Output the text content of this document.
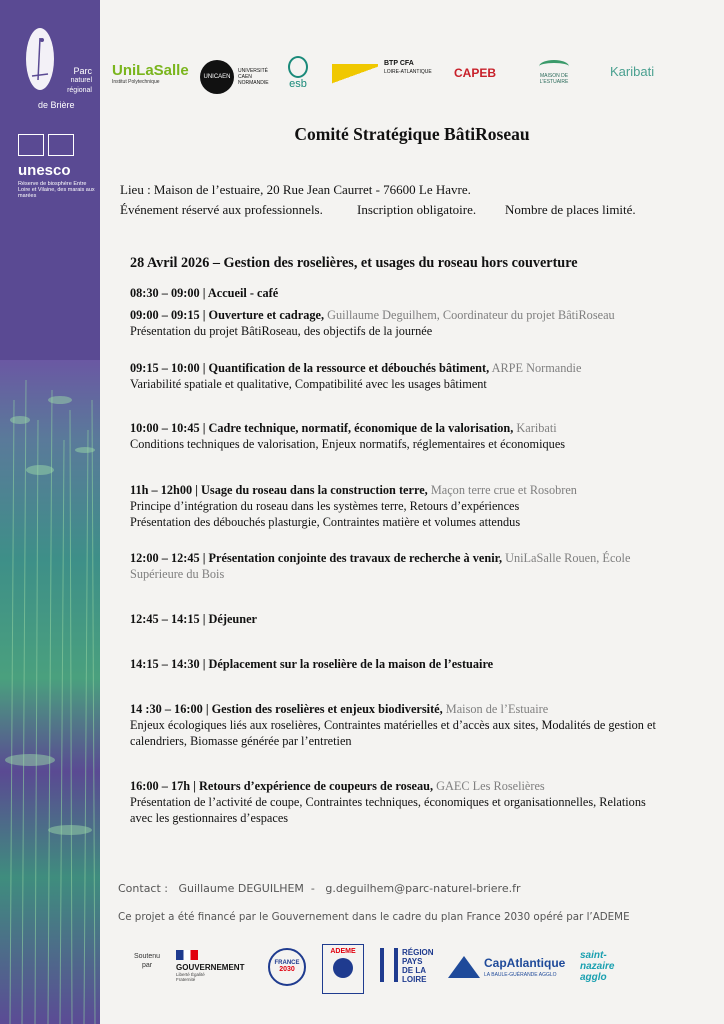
Parc
naturel
régional
de Brière
unesco
Réserve de biosphère Entre Loire et Vilaine, des marais aux marées
UniLaSalle
Institut Polytechnique
UNICAEN
UNIVERSITÉ CAEN NORMANDIE	esb
BTP CFA
LOIRE-ATLANTIQUE CAPEB	MAISON DE L'ESTUAIRE
Karibati
Comité Stratégique BâtiRoseau
Lieu : Maison de l’estuaire, 20 Rue Jean Caurret - 76600 Le Havre.
Événement réservé aux professionnels.	Inscription obligatoire. Nombre de places limité.
28 Avril 2026 – Gestion des roselières, et usages du roseau hors couverture
08:30 – 09:00 | Accueil - café
09:00 – 09:15 | Ouverture et cadrage, Guillaume Deguilhem, Coordinateur du projet BâtiRoseau
Présentation du projet BâtiRoseau, des objectifs de la journée
09:15 – 10:00 | Quantification de la ressource et débouchés bâtiment, ARPE Normandie
Variabilité spatiale et qualitative, Compatibilité avec les usages bâtiment
10:00 – 10:45 | Cadre technique, normatif, économique de la valorisation, Karibati
Conditions techniques de valorisation, Enjeux normatifs, réglementaires et économiques
11h – 12h00 | Usage du roseau dans la construction terre, Maçon terre crue et Rosobren
Principe d’intégration du roseau dans les systèmes terre, Retours d’expériences
Présentation des débouchés plasturgie, Contraintes matière et volumes attendus
12:00 – 12:45 | Présentation conjointe des travaux de recherche à venir, UniLaSalle Rouen, École Supérieure du Bois
12:45 – 14:15 | Déjeuner
14:15 – 14:30 | Déplacement sur la roselière de la maison de l’estuaire
14 :30 – 16:00 | Gestion des roselières et enjeux biodiversité, Maison de l’Estuaire
Enjeux écologiques liés aux roselières, Contraintes matérielles et d’accès aux sites, Modalités de gestion et calendriers, Biomasse générée par l’entretien
16:00 – 17h | Retours d’expérience de coupeurs de roseau, GAEC Les Roselières
Présentation de l’activité de coupe, Contraintes techniques, économiques et organisationnelles, Relations avec les gestionnaires d’espaces
Contact :   Guillaume DEGUILHEM  -   g.deguilhem@parc-naturel-briere.fr
Ce projet a été financé par le Gouvernement dans le cadre du plan France 2030 opéré par l’ADEME
Soutenu par	GOUVERNEMENT
Liberté Égalité Fraternité
FRANCE
2030
ADEME	RÉGION
PAYS
DE LA
LOIRE
CapAtlantique
LA BAULE-GUÉRANDE AGGLO
saint-
nazaire
agglo
